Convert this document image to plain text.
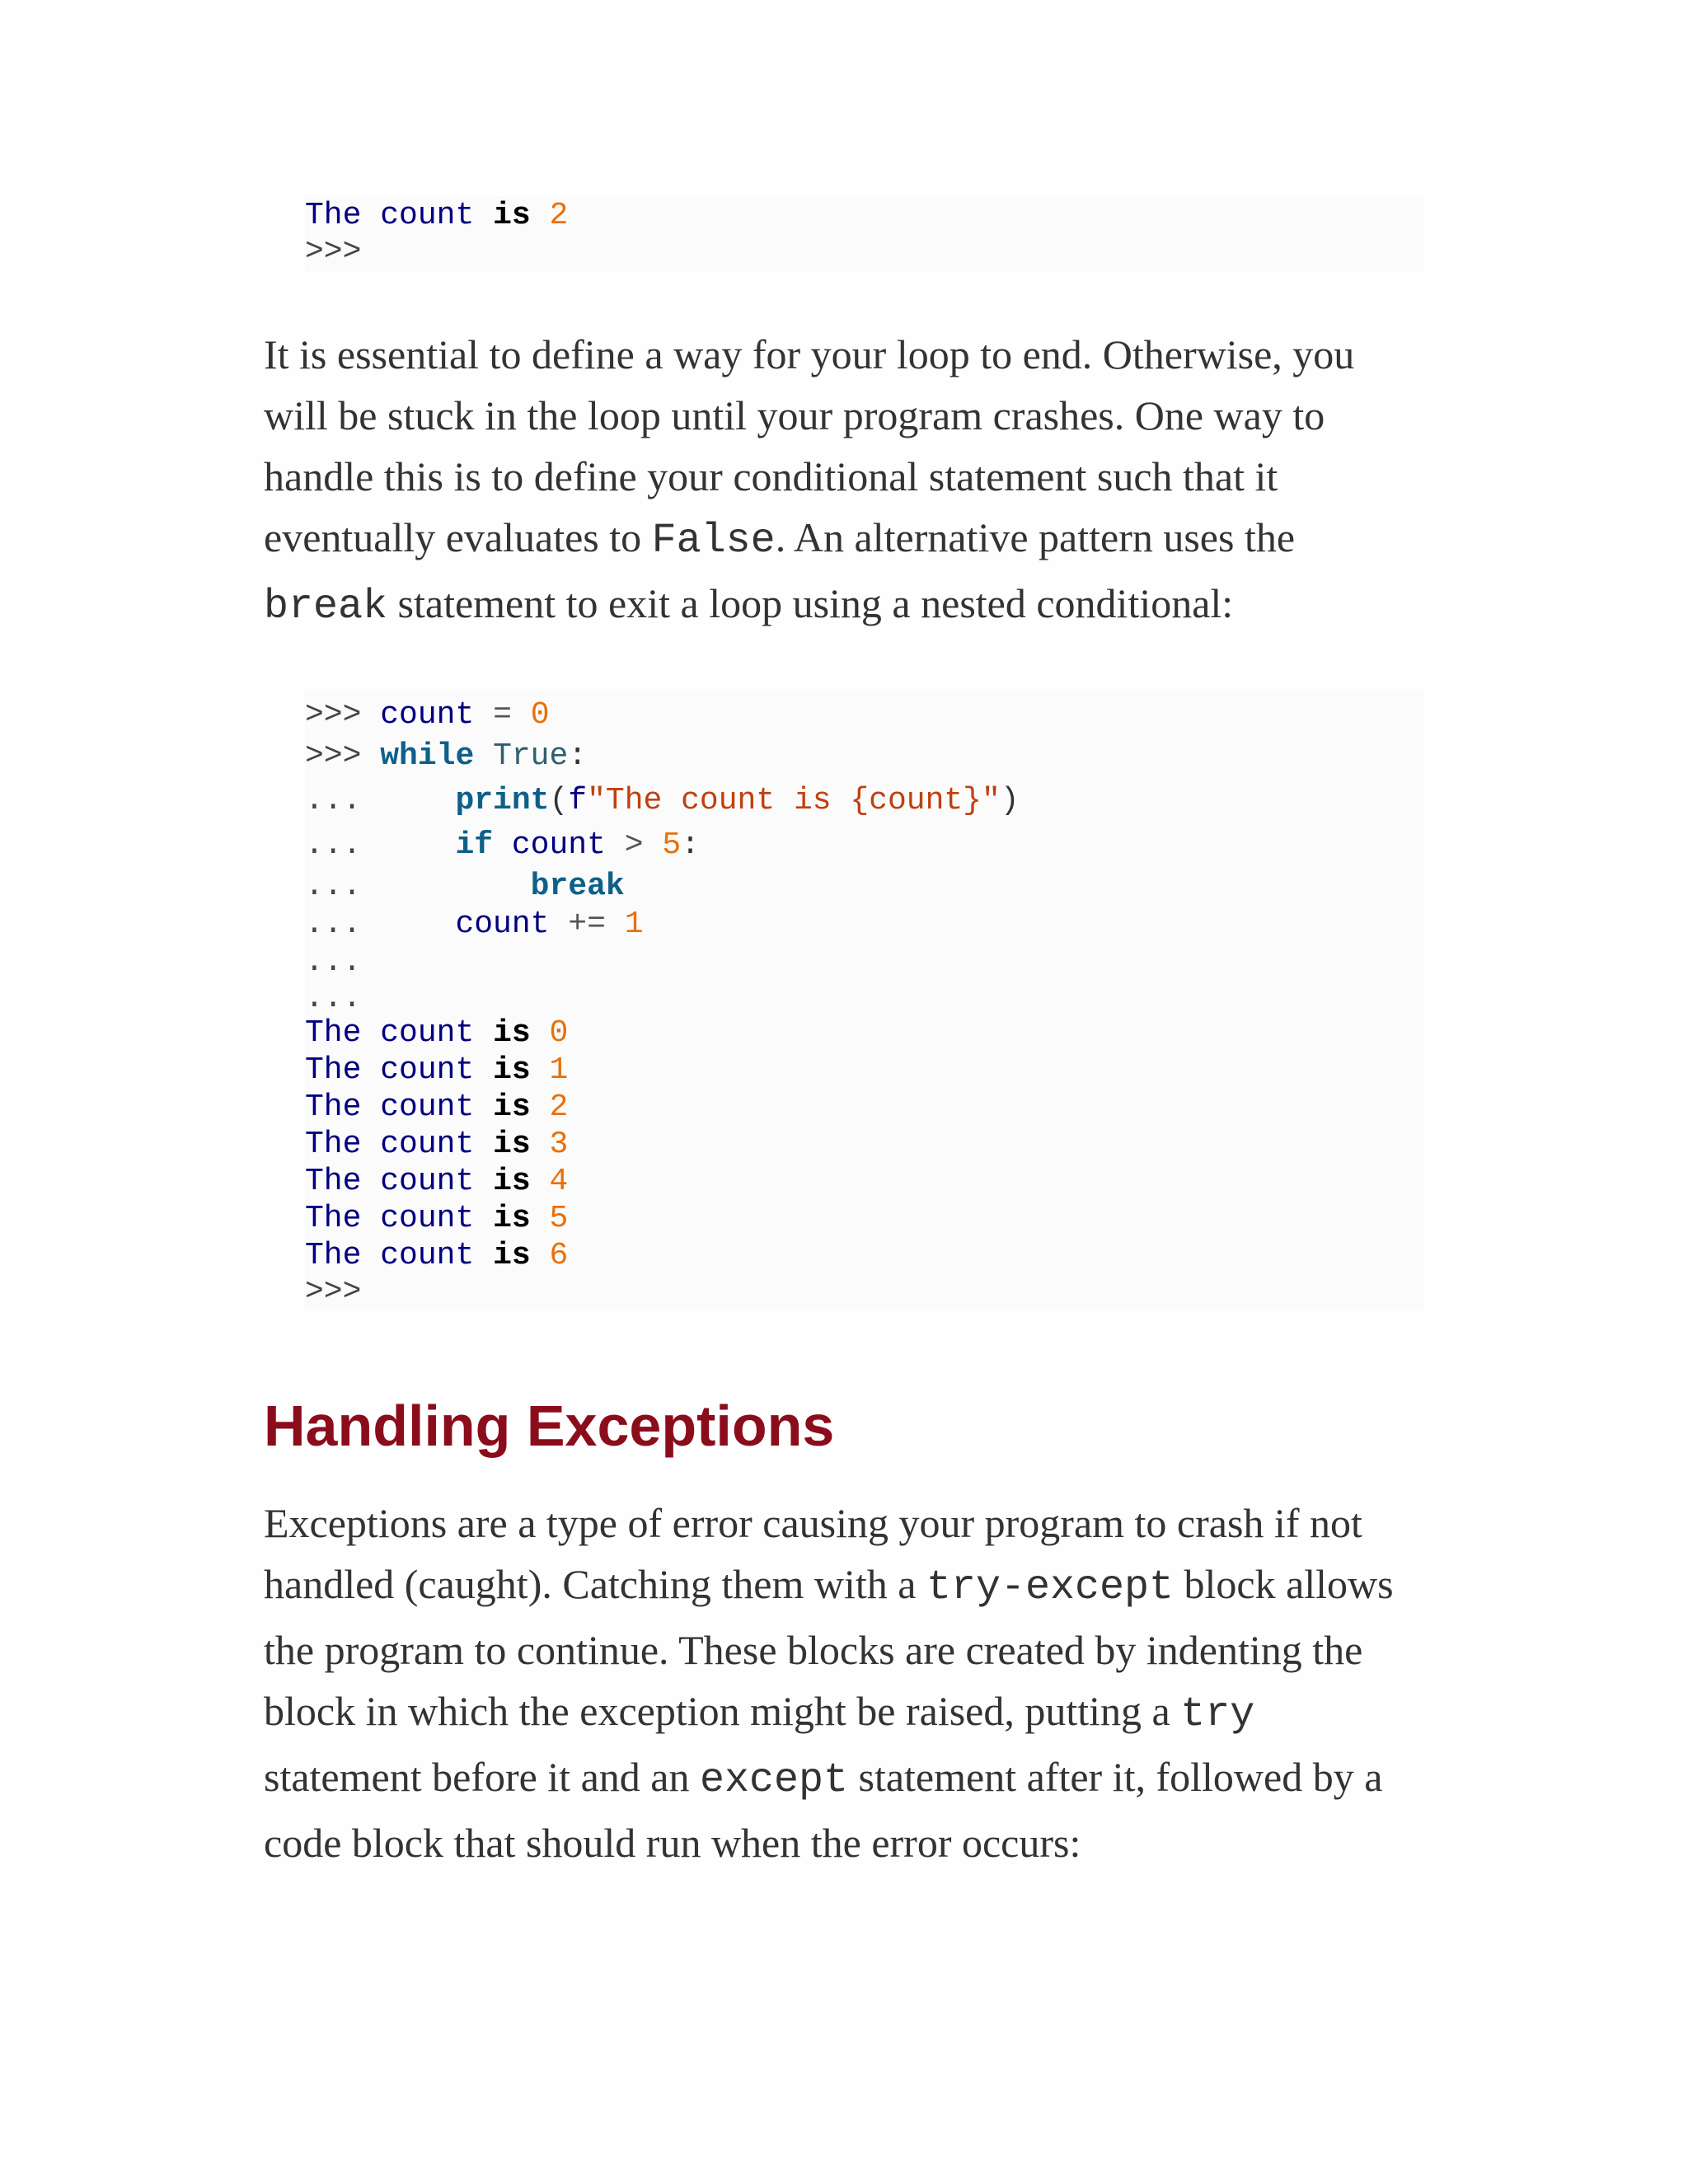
The count is 2

>>>

It is essential to define a way for your loop to end. Otherwise, you
will be stuck in the loop until your program crashes. One way to
handle this is to define your conditional statement such that it
eventually evaluates to False. An alternative pattern uses the
break statement to exit a loop using a nested conditional:

>>> count = 0

>>> while True:

...	print(f"The count is {count}")

...	if count > 5:

...	break

...	count += 1

...

...

The count is 0

The count is 1

The count is 2

The count is 3

The count is 4

The count is 5

The count is 6

>>>

Handling Exceptions
Exceptions are a type of error causing your program to crash if not
handled (caught). Catching them with a try-except block allows
the program to continue. These blocks are created by indenting the
block in which the exception might be raised, putting a try
statement before it and an except statement after it, followed by a
code block that should run when the error occurs:
